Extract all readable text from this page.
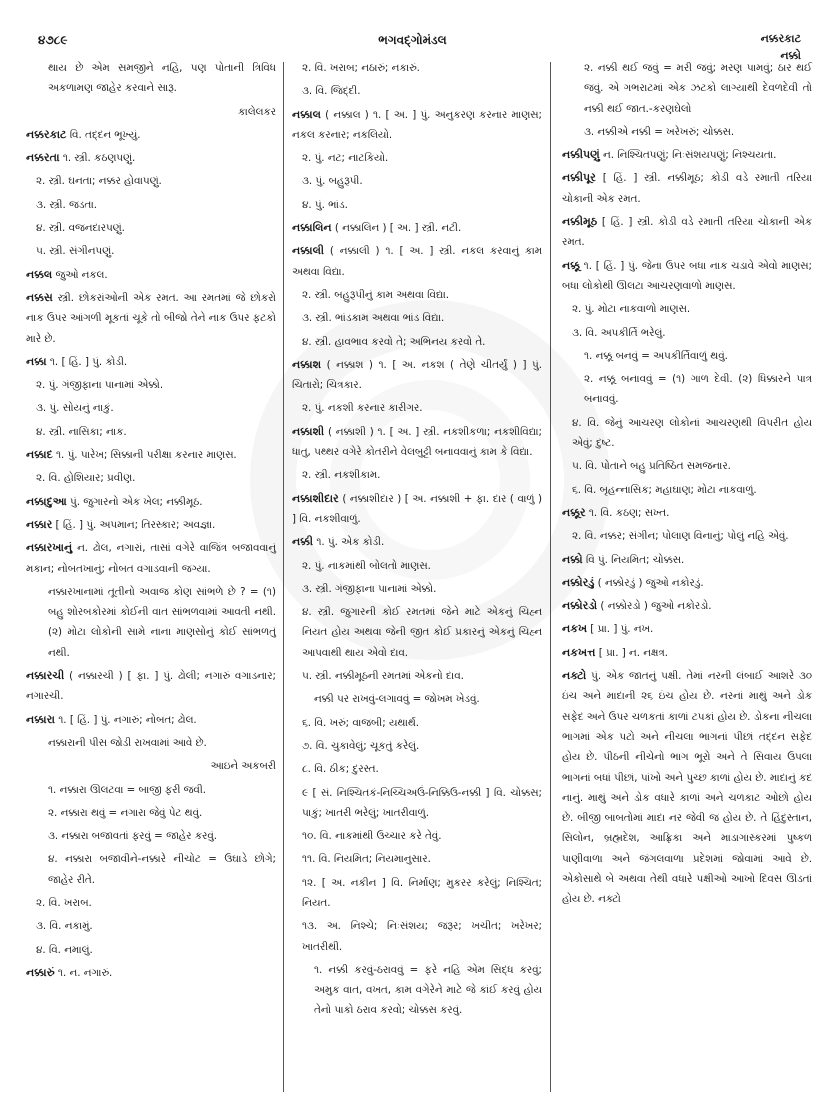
૪૭૮૯	ભગવદ્ગોમંડલ	નક્કરકાટ
નક્કો

થાય છે એમ સમજીને નહિ, પણ પોતાની ત્રિવિધ અકળામણ જાહેર કરવાને સારૂ.

કાલેલકર

નક્કરકાટ વિ. તદ્દન ભૂખ્યું.

નક્કરતા ૧. સ્ત્રી. કઠણપણું.

૨. સ્ત્રી. ઘનતા; નક્કર હોવાપણું.

૩. સ્ત્રી. જડતા.

૪. સ્ત્રી. વજનદારપણું.

૫. સ્ત્રી. સંગીનપણું.

નક્કલ જુઓ નકલ.

નક્કસ સ્ત્રી. છોકરાંઓની એક રમત. આ રમતમાં જે છોકરો નાક ઉપર આંગળી મૂકતાં ચૂકે તો બીજો તેને નાક ઉપર ફટકો મારે છે.

નક્કા ૧. [ હિં. ] પું. કોડી.

૨. પું. ગંજીફાના પાનામાં એક્કો.

૩. પું. સોયનું નાકું.

૪. સ્ત્રી. નાસિકા; નાક.

નક્કાદ ૧. પું. પારેખ; સિક્કાની પરીક્ષા કરનાર માણસ.

૨. વિ. હોશિયાર; પ્રવીણ.

નક્કાદુઆ પું. જુગારનો એક ખેલ; નક્કીમૂઠ.

નક્કાર [ હિં. ] પું. અપમાન; તિરસ્કાર; અવજ્ઞા.

નક્કારખાનું ન. ઢોલ, નગારાં, તાસાં વગેરે વાજિંત્ર બજાવવાનું મકાન; નોબતખાનું; નોબત વગાડવાની જગ્યા.

નક્કારખાનામાં તૂતીનો અવાજ કોણ સાંભળે છે ? = (૧) બહુ શોરબકોરમાં કોઈની વાત સાંભળવામાં આવતી નથી. (૨) મોટા લોકોની સામે નાના માણસોનું કોઈ સાંભળતું નથી.

નક્કારચી ( નક્કારચી ) [ ફા. ] પું. ઢોલી; નગારું વગાડનાર; નગારચી.

નક્કારા ૧. [ હિં. ] પું. નગારું; નોબત; ઢોલ.

નક્કારાની પીસ જોડી રાખવામાં આવે છે.

આઇને અકબરી

૧. નક્કારા ઊલટવા = બાજી ફરી જવી.

૨. નક્કારા થવું = નગારા જેવું પેટ થવું.

૩. નક્કારા બજાવતાં ફરવું = જાહેર કરવું.

૪. નક્કારા બજાવીને-નક્કારે નીચોટ = ઉઘાડે છોગે; જાહેર રીતે.

૨. વિ. ખરાબ.

૩. વિ. નકામું.

૪. વિ. નમાલું.

નક્કારું ૧. ન. નગારું.

૨. વિ. ખરાબ; નઠારું; નકારું.

૩. વિ. જિદ્દી.

નક્કાલ ( નક્કાલ ) ૧. [ અ. ] પું. અનુકરણ કરનાર માણસ; નકલ કરનાર; નકલિયો.

૨. પું. નટ; નાટકિયો.

૩. પું. બહુરૂપી.

૪. પું. ભાંડ.

નક્કાલિન ( નક્કાલિન ) [ અ. ] સ્ત્રી. નટી.

નક્કાલી ( નક્કાલી ) ૧. [ અ. ] સ્ત્રી. નકલ કરવાનું કામ અથવા વિદ્યા.

૨. સ્ત્રી. બહુરૂપીનું કામ અથવા વિદ્યા.

૩. સ્ત્રી. ભાંડકામ અથવા ભાંડ વિદ્યા.

૪. સ્ત્રી. હાવભાવ કરવો તે; અભિનય કરવો તે.

નક્કાશ ( નક્કાશ ) ૧. [ અ. નકશ ( તેણે ચીતર્યું ) ] પું. ચિતારો; ચિત્રકાર.

૨. પું. નકશી કરનાર કારીગર.

નક્કાશી ( નક્કાશી ) ૧. [ અ. ] સ્ત્રી. નકશીકળા; નકશીવિદ્યા; ધાતુ, પથ્થર વગેરે કોતરીને વેલબુટ્ટી બનાવવાનું કામ કે વિદ્યા.

૨. સ્ત્રી. નકશીકામ.

નક્કાશીદાર ( નક્કાશીદાર ) [ અ. નક્કાશી + ફા. દાર ( વાળું ) ] વિ. નકશીવાળું.

નક્કી ૧. પું. એક કોડી.

૨. પું. નાકમાંથી બોલતો માણસ.

૩. સ્ત્રી. ગંજીફાના પાનામાં એક્કો.

૪. સ્ત્રી. જુગારની કોઈ રમતમાં જેને માટે એકનું ચિહ્ન નિયત હોય અથવા જેની જીત કોઈ પ્રકારનું એકનું ચિહ્ન આપવાથી થાય એવો દાવ.

૫. સ્ત્રી. નક્કીમૂઠની રમતમાં એકનો દાવ.

નક્કી પર રાખવું-લગાવવું = જોખમ ખેડવું.

૬. વિ. ખરું; વાજબી; યથાર્થ.

૭. વિ. ચુકાવેલું; ચૂકતું કરેલું.

૮. વિ. ઠીક; દુરસ્ત.

૯ [ સં. નિશ્ચિતકં-નિચ્ચિઅઉં-નિક્કિઉ-નક્કી ] વિ. ચોક્કસ; પાકું; ખાતરી ભરેલું; ખાતરીવાળું.

૧૦. વિ. નાકમાંથી ઉચ્ચાર કરે તેવું.

૧૧. વિ. નિયમિત; નિયમાનુસાર.

૧૨. [ અ. નકીન ] વિ. નિર્માણ; મુકરર કરેલું; નિશ્ચિત; નિયત.

૧૩. અ. નિશ્ચે; નિઃસંશય; જરૂર; ખચીત; ખરેખર; ખાતરીથી.

૧. નક્કી કરવું-ઠરાવવું = ફરે નહિ એમ સિદ્ધ કરવું; અમુક વાત, વખત, કામ વગેરેને માટે જે કાંઈ કરવું હોય તેનો પાકો ઠરાવ કરવો; ચોક્કસ કરવું.

૨. નક્કી થઈ જવું = મરી જવું; મરણ પામવું; ઠાર થઈ જવું. એ ગભરાટમાં એક ઝટકો લાગ્યાથી દેવળદેવી તો નક્કી થઈ જાત.-કરણઘેલો

૩. નક્કીએ નક્કી = ખરેખરું; ચોક્કસ.

નક્કીપણું ન. નિશ્ચિતપણું; નિઃસંશયપણું; નિશ્ચયતા.

નક્કીપૂર [ હિં. ] સ્ત્રી. નક્કીમૂઠ; કોડી વડે રમાતી તરિયા ચોકાની એક રમત.

નક્કીમૂઠ [ હિં. ] સ્ત્રી. કોડી વડે રમાતી તરિયા ચોકાની એક રમત.

નક્કૂ ૧. [ હિં. ] પું. જેના ઉપર બધા નાક ચડાવે એવો માણસ; બધા લોકોથી ઊલટા આચરણવાળો માણસ.

૨. પું. મોટા નાકવાળો માણસ.

૩. વિ. અપકીર્તિ ભરેલું.

૧. નક્કૂ બનવું = અપકીર્તિવાળું થવું.

૨. નક્કૂ બનાવવું = (૧) ગાળ દેવી. (૨) ધિક્કારને પાત્ર બનાવવું.

૪. વિ. જેનું આચરણ લોકોનાં આચરણથી વિપરીત હોય એવું; દુષ્ટ.

૫. વિ. પોતાને બહુ પ્રતિષ્ઠિત સમજનાર.

૬. વિ. બૃહન્નાસિક; મહાઘાણ; મોટા નાકવાળું.

નક્કૂર ૧. વિ. કઠણ; સખ્ત.

૨. વિ. નક્કર; સંગીન; પોલાણ વિનાનું; પોલું નહિ એવું.

નક્કો વિ પું. નિયમિત; ચોક્કસ.

નક્કોરડું ( નક્કોરડું ) જુઓ નકોરડું.

નક્કોરડો ( નક્કોરડો ) જુઓ નકોરડો.

નકખ [ પ્રા. ] પું. નખ.

નકખત્ત [ પ્રા. ] ન. નક્ષત્ર.

નક્ટો પું. એક જાતનું પક્ષી. તેમાં નરની લંબાઈ આશરે ૩૦ ઇંચ અને માદાની ૨૬ ઇંચ હોય છે. નરનાં માથું અને ડોક સફેદ અને ઉપર ચળકતાં કાળાં ટપકાં હોય છે. ડોકના નીચલા ભાગમાં એક પટો અને નીચલા ભાગનાં પીછાં તદ્દન સફેદ હોય છે. પીઠની નીચેનો ભાગ ભૂરો અને તે સિવાય ઉપલા ભાગનાં બધાં પીછાં, પાંખો અને પુચ્છ કાળાં હોય છે. માદાનું કદ નાનું. માથું અને ડોક વધારે કાળાં અને ચળકાટ ઓછો હોય છે. બીજી બાબતોમાં માદા નર જેવી જ હોય છે. તે હિંદુસ્તાન, સિલોન, બ્રહ્મદેશ, આફ્રિકા અને માડાગાસ્કરમાં પુષ્કળ પાણીવાળા અને જંગલવાળા પ્રદેશમાં જોવામાં આવે છે. એકોસાથે બે અથવા તેથી વધારે પક્ષીઓ આખો દિવસ ઊડતાં હોય છે. નક્ટો
